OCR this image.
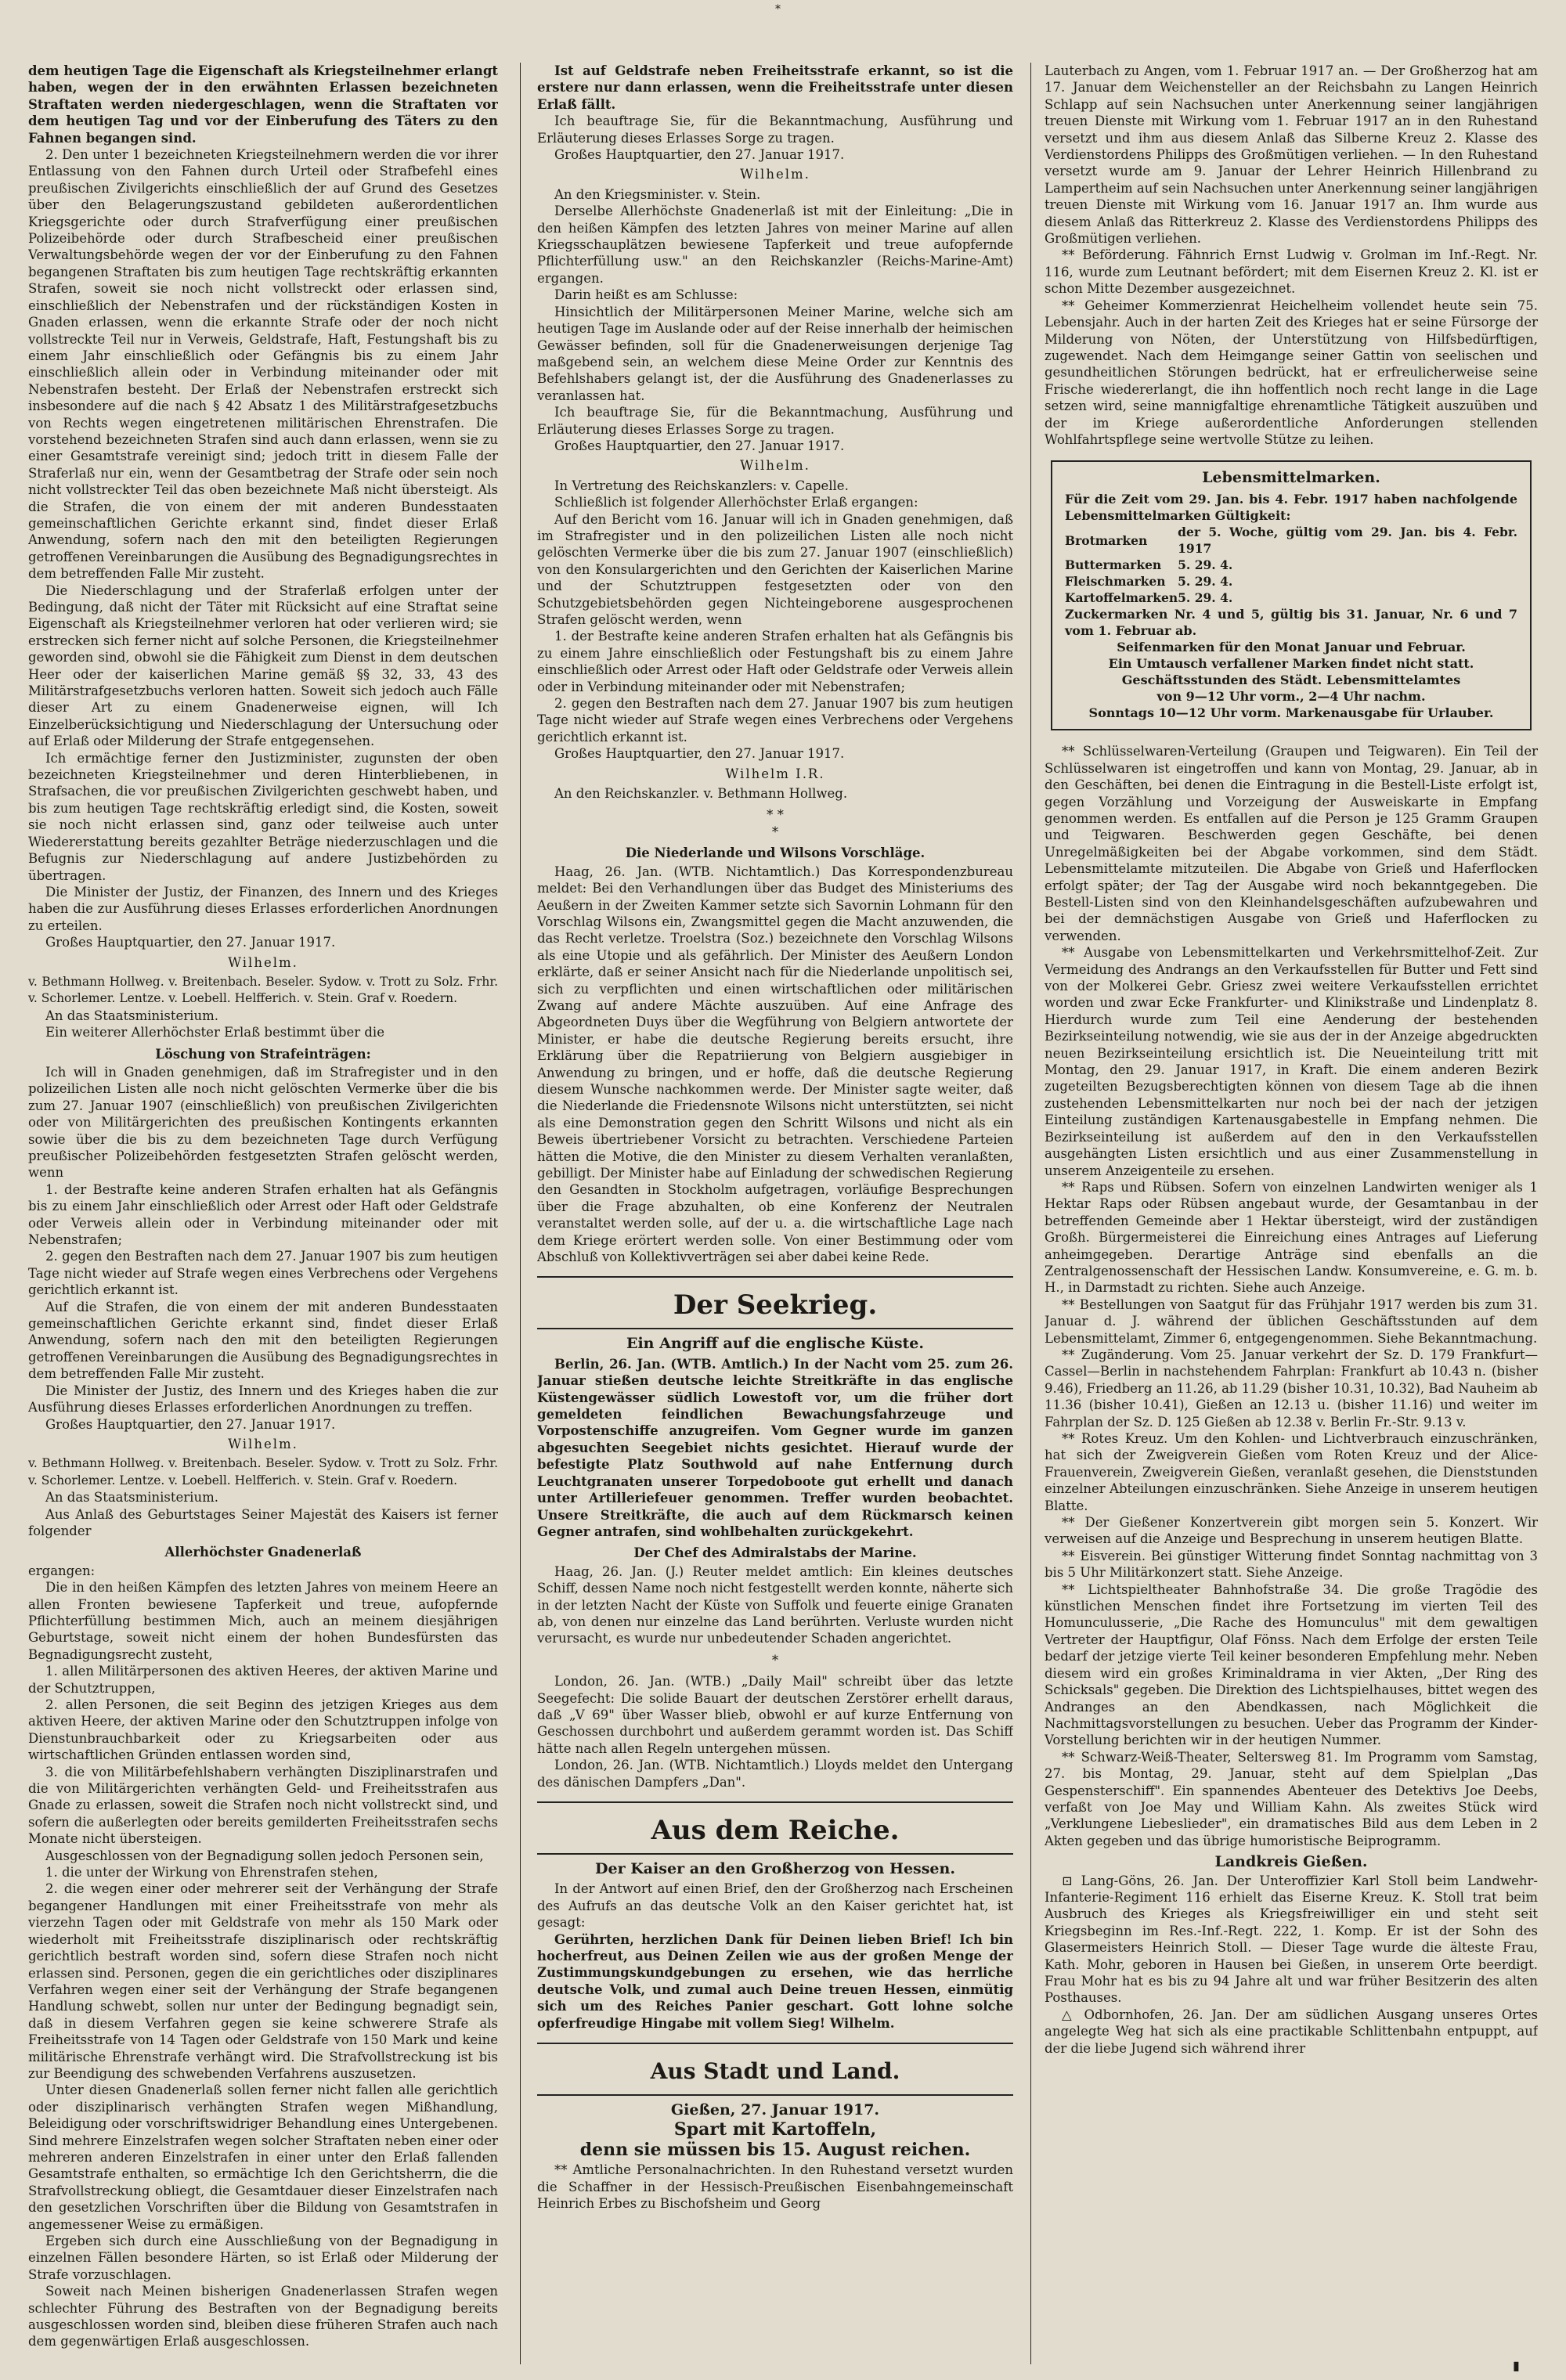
*

dem heutigen Tage die Eigenschaft als Kriegsteilnehmer erlangt haben, wegen der in den erwähnten Erlassen bezeichneten Straftaten werden niedergeschlagen, wenn die Straftaten vor dem heutigen Tag und vor der Einberufung des Täters zu den Fahnen begangen sind.

2. Den unter 1 bezeichneten Kriegsteilnehmern werden die vor ihrer Entlassung von den Fahnen durch Urteil oder Strafbefehl eines preußischen Zivilgerichts einschließlich der auf Grund des Gesetzes über den Belagerungszustand gebildeten außerordentlichen Kriegsgerichte oder durch Strafverfügung einer preußischen Polizeibehörde oder durch Strafbescheid einer preußischen Verwaltungsbehörde wegen der vor der Einberufung zu den Fahnen begangenen Straftaten bis zum heutigen Tage rechtskräftig erkannten Strafen, soweit sie noch nicht vollstreckt oder erlassen sind, einschließlich der Nebenstrafen und der rückständigen Kosten in Gnaden erlassen, wenn die erkannte Strafe oder der noch nicht vollstreckte Teil nur in Verweis, Geldstrafe, Haft, Festungshaft bis zu einem Jahr einschließlich oder Gefängnis bis zu einem Jahr einschließlich allein oder in Verbindung miteinander oder mit Nebenstrafen besteht. Der Erlaß der Nebenstrafen erstreckt sich insbesondere auf die nach § 42 Absatz 1 des Militärstrafgesetzbuchs von Rechts wegen eingetretenen militärischen Ehrenstrafen. Die vorstehend bezeichneten Strafen sind auch dann erlassen, wenn sie zu einer Gesamtstrafe vereinigt sind; jedoch tritt in diesem Falle der Straferlaß nur ein, wenn der Gesamtbetrag der Strafe oder sein noch nicht vollstreckter Teil das oben bezeichnete Maß nicht übersteigt. Als die Strafen, die von einem der mit anderen Bundesstaaten gemeinschaftlichen Gerichte erkannt sind, findet dieser Erlaß Anwendung, sofern nach den mit den beteiligten Regierungen getroffenen Vereinbarungen die Ausübung des Begnadigungsrechtes in dem betreffenden Falle Mir zusteht.

Die Niederschlagung und der Straferlaß erfolgen unter der Bedingung, daß nicht der Täter mit Rücksicht auf eine Straftat seine Eigenschaft als Kriegsteilnehmer verloren hat oder verlieren wird; sie erstrecken sich ferner nicht auf solche Personen, die Kriegsteilnehmer geworden sind, obwohl sie die Fähigkeit zum Dienst in dem deutschen Heer oder der kaiserlichen Marine gemäß §§ 32, 33, 43 des Militärstrafgesetzbuchs verloren hatten. Soweit sich jedoch auch Fälle dieser Art zu einem Gnadenerweise eignen, will Ich Einzelberücksichtigung und Niederschlagung der Untersuchung oder auf Erlaß oder Milderung der Strafe entgegensehen.

Ich ermächtige ferner den Justizminister, zugunsten der oben bezeichneten Kriegsteilnehmer und deren Hinterbliebenen, in Strafsachen, die vor preußischen Zivilgerichten geschwebt haben, und bis zum heutigen Tage rechtskräftig erledigt sind, die Kosten, soweit sie noch nicht erlassen sind, ganz oder teilweise auch unter Wiedererstattung bereits gezahlter Beträge niederzuschlagen und die Befugnis zur Niederschlagung auf andere Justizbehörden zu übertragen.

Die Minister der Justiz, der Finanzen, des Innern und des Krieges haben die zur Ausführung dieses Erlasses erforderlichen Anordnungen zu erteilen.

Großes Hauptquartier, den 27. Januar 1917.

Wilhelm.

v. Bethmann Hollweg. v. Breitenbach. Beseler. Sydow. v. Trott zu Solz. Frhr. v. Schorlemer. Lentze. v. Loebell. Helfferich. v. Stein. Graf v. Roedern.

An das Staatsministerium.

Ein weiterer Allerhöchster Erlaß bestimmt über die

Löschung von Strafeinträgen:

Ich will in Gnaden genehmigen, daß im Strafregister und in den polizeilichen Listen alle noch nicht gelöschten Vermerke über die bis zum 27. Januar 1907 (einschließlich) von preußischen Zivilgerichten oder von Militärgerichten des preußischen Kontingents erkannten sowie über die bis zu dem bezeichneten Tage durch Verfügung preußischer Polizeibehörden festgesetzten Strafen gelöscht werden, wenn

1. der Bestrafte keine anderen Strafen erhalten hat als Gefängnis bis zu einem Jahr einschließlich oder Arrest oder Haft oder Geldstrafe oder Verweis allein oder in Verbindung miteinander oder mit Nebenstrafen;

2. gegen den Bestraften nach dem 27. Januar 1907 bis zum heutigen Tage nicht wieder auf Strafe wegen eines Verbrechens oder Vergehens gerichtlich erkannt ist.

Auf die Strafen, die von einem der mit anderen Bundesstaaten gemeinschaftlichen Gerichte erkannt sind, findet dieser Erlaß Anwendung, sofern nach den mit den beteiligten Regierungen getroffenen Vereinbarungen die Ausübung des Begnadigungsrechtes in dem betreffenden Falle Mir zusteht.

Die Minister der Justiz, des Innern und des Krieges haben die zur Ausführung dieses Erlasses erforderlichen Anordnungen zu treffen.

Großes Hauptquartier, den 27. Januar 1917.

Wilhelm.

v. Bethmann Hollweg. v. Breitenbach. Beseler. Sydow. v. Trott zu Solz. Frhr. v. Schorlemer. Lentze. v. Loebell. Helfferich. v. Stein. Graf v. Roedern.

An das Staatsministerium.

Aus Anlaß des Geburtstages Seiner Majestät des Kaisers ist ferner folgender

Allerhöchster Gnadenerlaß

ergangen:

Die in den heißen Kämpfen des letzten Jahres von meinem Heere an allen Fronten bewiesene Tapferkeit und treue, aufopfernde Pflichterfüllung bestimmen Mich, auch an meinem diesjährigen Geburtstage, soweit nicht einem der hohen Bundesfürsten das Begnadigungsrecht zusteht,

1. allen Militärpersonen des aktiven Heeres, der aktiven Marine und der Schutztruppen,

2. allen Personen, die seit Beginn des jetzigen Krieges aus dem aktiven Heere, der aktiven Marine oder den Schutztruppen infolge von Dienstunbrauchbarkeit oder zu Kriegsarbeiten oder aus wirtschaftlichen Gründen entlassen worden sind,

3. die von Militärbefehlshabern verhängten Disziplinarstrafen und die von Militärgerichten verhängten Geld- und Freiheitsstrafen aus Gnade zu erlassen, soweit die Strafen noch nicht vollstreckt sind, und sofern die außerlegten oder bereits gemilderten Freiheitsstrafen sechs Monate nicht übersteigen.

Ausgeschlossen von der Begnadigung sollen jedoch Personen sein,

1. die unter der Wirkung von Ehrenstrafen stehen,

2. die wegen einer oder mehrerer seit der Verhängung der Strafe begangener Handlungen mit einer Freiheitsstrafe von mehr als vierzehn Tagen oder mit Geldstrafe von mehr als 150 Mark oder wiederholt mit Freiheitsstrafe disziplinarisch oder rechtskräftig gerichtlich bestraft worden sind, sofern diese Strafen noch nicht erlassen sind. Personen, gegen die ein gerichtliches oder disziplinares Verfahren wegen einer seit der Verhängung der Strafe begangenen Handlung schwebt, sollen nur unter der Bedingung begnadigt sein, daß in diesem Verfahren gegen sie keine schwerere Strafe als Freiheitsstrafe von 14 Tagen oder Geldstrafe von 150 Mark und keine militärische Ehrenstrafe verhängt wird. Die Strafvollstreckung ist bis zur Beendigung des schwebenden Verfahrens auszusetzen.

Unter diesen Gnadenerlaß sollen ferner nicht fallen alle gerichtlich oder disziplinarisch verhängten Strafen wegen Mißhandlung, Beleidigung oder vorschriftswidriger Behandlung eines Untergebenen. Sind mehrere Einzelstrafen wegen solcher Straftaten neben einer oder mehreren anderen Einzelstrafen in einer unter den Erlaß fallenden Gesamtstrafe enthalten, so ermächtige Ich den Gerichtsherrn, die die Strafvollstreckung obliegt, die Gesamtdauer dieser Einzelstrafen nach den gesetzlichen Vorschriften über die Bildung von Gesamtstrafen in angemessener Weise zu ermäßigen.

Ergeben sich durch eine Ausschließung von der Begnadigung in einzelnen Fällen besondere Härten, so ist Erlaß oder Milderung der Strafe vorzuschlagen.

Soweit nach Meinen bisherigen Gnadenerlassen Strafen wegen schlechter Führung des Bestraften von der Begnadigung bereits ausgeschlossen worden sind, bleiben diese früheren Strafen auch nach dem gegenwärtigen Erlaß ausgeschlossen.

Ist auf Geldstrafe neben Freiheitsstrafe erkannt, so ist die erstere nur dann erlassen, wenn die Freiheitsstrafe unter diesen Erlaß fällt.

Ich beauftrage Sie, für die Bekanntmachung, Ausführung und Erläuterung dieses Erlasses Sorge zu tragen.

Großes Hauptquartier, den 27. Januar 1917.

Wilhelm.

An den Kriegsminister. v. Stein.

Derselbe Allerhöchste Gnadenerlaß ist mit der Einleitung: „Die in den heißen Kämpfen des letzten Jahres von meiner Marine auf allen Kriegsschauplätzen bewiesene Tapferkeit und treue aufopfernde Pflichterfüllung usw." an den Reichskanzler (Reichs-Marine-Amt) ergangen.

Darin heißt es am Schlusse:

Hinsichtlich der Militärpersonen Meiner Marine, welche sich am heutigen Tage im Auslande oder auf der Reise innerhalb der heimischen Gewässer befinden, soll für die Gnadenerweisungen derjenige Tag maßgebend sein, an welchem diese Meine Order zur Kenntnis des Befehlshabers gelangt ist, der die Ausführung des Gnadenerlasses zu veranlassen hat.

Ich beauftrage Sie, für die Bekanntmachung, Ausführung und Erläuterung dieses Erlasses Sorge zu tragen.

Großes Hauptquartier, den 27. Januar 1917.

Wilhelm.

In Vertretung des Reichskanzlers: v. Capelle.

Schließlich ist folgender Allerhöchster Erlaß ergangen:

Auf den Bericht vom 16. Januar will ich in Gnaden genehmigen, daß im Strafregister und in den polizeilichen Listen alle noch nicht gelöschten Vermerke über die bis zum 27. Januar 1907 (einschließlich) von den Konsulargerichten und den Gerichten der Kaiserlichen Marine und der Schutztruppen festgesetzten oder von den Schutzgebietsbehörden gegen Nichteingeborene ausgesprochenen Strafen gelöscht werden, wenn

1. der Bestrafte keine anderen Strafen erhalten hat als Gefängnis bis zu einem Jahre einschließlich oder Festungshaft bis zu einem Jahre einschließlich oder Arrest oder Haft oder Geldstrafe oder Verweis allein oder in Verbindung miteinander oder mit Nebenstrafen;

2. gegen den Bestraften nach dem 27. Januar 1907 bis zum heutigen Tage nicht wieder auf Strafe wegen eines Verbrechens oder Vergehens gerichtlich erkannt ist.

Großes Hauptquartier, den 27. Januar 1917.

Wilhelm I.R.

An den Reichskanzler. v. Bethmann Hollweg.

* *
*

Die Niederlande und Wilsons Vorschläge.

Haag, 26. Jan. (WTB. Nichtamtlich.) Das Korrespondenzbureau meldet: Bei den Verhandlungen über das Budget des Ministeriums des Aeußern in der Zweiten Kammer setzte sich Savornin Lohmann für den Vorschlag Wilsons ein, Zwangsmittel gegen die Macht anzuwenden, die das Recht verletze. Troelstra (Soz.) bezeichnete den Vorschlag Wilsons als eine Utopie und als gefährlich. Der Minister des Aeußern London erklärte, daß er seiner Ansicht nach für die Niederlande unpolitisch sei, sich zu verpflichten und einen wirtschaftlichen oder militärischen Zwang auf andere Mächte auszuüben. Auf eine Anfrage des Abgeordneten Duys über die Wegführung von Belgiern antwortete der Minister, er habe die deutsche Regierung bereits ersucht, ihre Erklärung über die Repatriierung von Belgiern ausgiebiger in Anwendung zu bringen, und er hoffe, daß die deutsche Regierung diesem Wunsche nachkommen werde. Der Minister sagte weiter, daß die Niederlande die Friedensnote Wilsons nicht unterstützten, sei nicht als eine Demonstration gegen den Schritt Wilsons und nicht als ein Beweis übertriebener Vorsicht zu betrachten. Verschiedene Parteien hätten die Motive, die den Minister zu diesem Verhalten veranlaßten, gebilligt. Der Minister habe auf Einladung der schwedischen Regierung den Gesandten in Stockholm aufgetragen, vorläufige Besprechungen über die Frage abzuhalten, ob eine Konferenz der Neutralen veranstaltet werden solle, auf der u. a. die wirtschaftliche Lage nach dem Kriege erörtert werden solle. Von einer Bestimmung oder vom Abschluß von Kollektivverträgen sei aber dabei keine Rede.

Der Seekrieg.

Ein Angriff auf die englische Küste.

Berlin, 26. Jan. (WTB. Amtlich.) In der Nacht vom 25. zum 26. Januar stießen deutsche leichte Streitkräfte in das englische Küstengewässer südlich Lowestoft vor, um die früher dort gemeldeten feindlichen Bewachungsfahrzeuge und Vorpostenschiffe anzugreifen. Vom Gegner wurde im ganzen abgesuchten Seegebiet nichts gesichtet. Hierauf wurde der befestigte Platz Southwold auf nahe Entfernung durch Leuchtgranaten unserer Torpedoboote gut erhellt und danach unter Artilleriefeuer genommen. Treffer wurden beobachtet. Unsere Streitkräfte, die auch auf dem Rückmarsch keinen Gegner antrafen, sind wohlbehalten zurückgekehrt.

Der Chef des Admiralstabs der Marine.

Haag, 26. Jan. (J.) Reuter meldet amtlich: Ein kleines deutsches Schiff, dessen Name noch nicht festgestellt werden konnte, näherte sich in der letzten Nacht der Küste von Suffolk und feuerte einige Granaten ab, von denen nur einzelne das Land berührten. Verluste wurden nicht verursacht, es wurde nur unbedeutender Schaden angerichtet.

*

London, 26. Jan. (WTB.) „Daily Mail" schreibt über das letzte Seegefecht: Die solide Bauart der deutschen Zerstörer erhellt daraus, daß „V 69" über Wasser blieb, obwohl er auf kurze Entfernung von Geschossen durchbohrt und außerdem gerammt worden ist. Das Schiff hätte nach allen Regeln untergehen müssen.

London, 26. Jan. (WTB. Nichtamtlich.) Lloyds meldet den Untergang des dänischen Dampfers „Dan".

Aus dem Reiche.

Der Kaiser an den Großherzog von Hessen.

In der Antwort auf einen Brief, den der Großherzog nach Erscheinen des Aufrufs an das deutsche Volk an den Kaiser gerichtet hat, ist gesagt:

Gerührten, herzlichen Dank für Deinen lieben Brief! Ich bin hocherfreut, aus Deinen Zeilen wie aus der großen Menge der Zustimmungskundgebungen zu ersehen, wie das herrliche deutsche Volk, und zumal auch Deine treuen Hessen, einmütig sich um des Reiches Panier geschart. Gott lohne solche opferfreudige Hingabe mit vollem Sieg! Wilhelm.

Aus Stadt und Land.

Gießen, 27. Januar 1917.

Spart mit Kartoffeln,

denn sie müssen bis 15. August reichen.

** Amtliche Personalnachrichten. In den Ruhestand versetzt wurden die Schaffner in der Hessisch-Preußischen Eisenbahngemeinschaft Heinrich Erbes zu Bischofsheim und Georg

Lauterbach zu Angen, vom 1. Februar 1917 an. — Der Großherzog hat am 17. Januar dem Weichensteller an der Reichsbahn zu Langen Heinrich Schlapp auf sein Nachsuchen unter Anerkennung seiner langjährigen treuen Dienste mit Wirkung vom 1. Februar 1917 an in den Ruhestand versetzt und ihm aus diesem Anlaß das Silberne Kreuz 2. Klasse des Verdienstordens Philipps des Großmütigen verliehen. — In den Ruhestand versetzt wurde am 9. Januar der Lehrer Heinrich Hillenbrand zu Lampertheim auf sein Nachsuchen unter Anerkennung seiner langjährigen treuen Dienste mit Wirkung vom 16. Januar 1917 an. Ihm wurde aus diesem Anlaß das Ritterkreuz 2. Klasse des Verdienstordens Philipps des Großmütigen verliehen.

** Beförderung. Fähnrich Ernst Ludwig v. Grolman im Inf.-Regt. Nr. 116, wurde zum Leutnant befördert; mit dem Eisernen Kreuz 2. Kl. ist er schon Mitte Dezember ausgezeichnet.

** Geheimer Kommerzienrat Heichelheim vollendet heute sein 75. Lebensjahr. Auch in der harten Zeit des Krieges hat er seine Fürsorge der Milderung von Nöten, der Unterstützung von Hilfsbedürftigen, zugewendet. Nach dem Heimgange seiner Gattin von seelischen und gesundheitlichen Störungen bedrückt, hat er erfreulicherweise seine Frische wiedererlangt, die ihn hoffentlich noch recht lange in die Lage setzen wird, seine mannigfaltige ehrenamtliche Tätigkeit auszuüben und der im Kriege außerordentliche Anforderungen stellenden Wohlfahrtspflege seine wertvolle Stütze zu leihen.

Lebensmittelmarken.

Für die Zeit vom 29. Jan. bis 4. Febr. 1917 haben nachfolgende Lebensmittelmarken Gültigkeit:

Brotmarken	der 5. Woche, gültig vom 29. Jan. bis 4. Febr. 1917
Buttermarken	5. 29. 4.
Fleischmarken	5. 29. 4.
Kartoffelmarken	5. 29. 4.

Zuckermarken Nr. 4 und 5, gültig bis 31. Januar, Nr. 6 und 7 vom 1. Februar ab.

Seifenmarken für den Monat Januar und Februar.

Ein Umtausch verfallener Marken findet nicht statt.

Geschäftsstunden des Städt. Lebensmittelamtes

von 9—12 Uhr vorm., 2—4 Uhr nachm.

Sonntags 10—12 Uhr vorm. Markenausgabe für Urlauber.

** Schlüsselwaren-Verteilung (Graupen und Teigwaren). Ein Teil der Schlüsselwaren ist eingetroffen und kann von Montag, 29. Januar, ab in den Geschäften, bei denen die Eintragung in die Bestell-Liste erfolgt ist, gegen Vorzählung und Vorzeigung der Ausweiskarte in Empfang genommen werden. Es entfallen auf die Person je 125 Gramm Graupen und Teigwaren. Beschwerden gegen Geschäfte, bei denen Unregelmäßigkeiten bei der Abgabe vorkommen, sind dem Städt. Lebensmittelamte mitzuteilen. Die Abgabe von Grieß und Haferflocken erfolgt später; der Tag der Ausgabe wird noch bekanntgegeben. Die Bestell-Listen sind von den Kleinhandelsgeschäften aufzubewahren und bei der demnächstigen Ausgabe von Grieß und Haferflocken zu verwenden.

** Ausgabe von Lebensmittelkarten und Verkehrsmittelhof-Zeit. Zur Vermeidung des Andrangs an den Verkaufsstellen für Butter und Fett sind von der Molkerei Gebr. Griesz zwei weitere Verkaufsstellen errichtet worden und zwar Ecke Frankfurter- und Klinikstraße und Lindenplatz 8. Hierdurch wurde zum Teil eine Aenderung der bestehenden Bezirkseinteilung notwendig, wie sie aus der in der Anzeige abgedruckten neuen Bezirkseinteilung ersichtlich ist. Die Neueinteilung tritt mit Montag, den 29. Januar 1917, in Kraft. Die einem anderen Bezirk zugeteilten Bezugsberechtigten können von diesem Tage ab die ihnen zustehenden Lebensmittelkarten nur noch bei der nach der jetzigen Einteilung zuständigen Kartenausgabestelle in Empfang nehmen. Die Bezirkseinteilung ist außerdem auf den in den Verkaufsstellen ausgehängten Listen ersichtlich und aus einer Zusammenstellung in unserem Anzeigenteile zu ersehen.

** Raps und Rübsen. Sofern von einzelnen Landwirten weniger als 1 Hektar Raps oder Rübsen angebaut wurde, der Gesamtanbau in der betreffenden Gemeinde aber 1 Hektar übersteigt, wird der zuständigen Großh. Bürgermeisterei die Einreichung eines Antrages auf Lieferung anheimgegeben. Derartige Anträge sind ebenfalls an die Zentralgenossenschaft der Hessischen Landw. Konsumvereine, e. G. m. b. H., in Darmstadt zu richten. Siehe auch Anzeige.

** Bestellungen von Saatgut für das Frühjahr 1917 werden bis zum 31. Januar d. J. während der üblichen Geschäftsstunden auf dem Lebensmittelamt, Zimmer 6, entgegengenommen. Siehe Bekanntmachung.

** Zugänderung. Vom 25. Januar verkehrt der Sz. D. 179 Frankfurt—Cassel—Berlin in nachstehendem Fahrplan: Frankfurt ab 10.43 n. (bisher 9.46), Friedberg an 11.26, ab 11.29 (bisher 10.31, 10.32), Bad Nauheim ab 11.36 (bisher 10.41), Gießen an 12.13 u. (bisher 11.16) und weiter im Fahrplan der Sz. D. 125 Gießen ab 12.38 v. Berlin Fr.-Str. 9.13 v.

** Rotes Kreuz. Um den Kohlen- und Lichtverbrauch einzuschränken, hat sich der Zweigverein Gießen vom Roten Kreuz und der Alice-Frauenverein, Zweigverein Gießen, veranlaßt gesehen, die Dienststunden einzelner Abteilungen einzuschränken. Siehe Anzeige in unserem heutigen Blatte.

** Der Gießener Konzertverein gibt morgen sein 5. Konzert. Wir verweisen auf die Anzeige und Besprechung in unserem heutigen Blatte.

** Eisverein. Bei günstiger Witterung findet Sonntag nachmittag von 3 bis 5 Uhr Militärkonzert statt. Siehe Anzeige.

** Lichtspieltheater Bahnhofstraße 34. Die große Tragödie des künstlichen Menschen findet ihre Fortsetzung im vierten Teil des Homunculusserie, „Die Rache des Homunculus" mit dem gewaltigen Vertreter der Hauptfigur, Olaf Fönss. Nach dem Erfolge der ersten Teile bedarf der jetzige vierte Teil keiner besonderen Empfehlung mehr. Neben diesem wird ein großes Kriminaldrama in vier Akten, „Der Ring des Schicksals" gegeben. Die Direktion des Lichtspielhauses, bittet wegen des Andranges an den Abendkassen, nach Möglichkeit die Nachmittagsvorstellungen zu besuchen. Ueber das Programm der Kinder-Vorstellung berichten wir in der heutigen Nummer.

** Schwarz-Weiß-Theater, Seltersweg 81. Im Programm vom Samstag, 27. bis Montag, 29. Januar, steht auf dem Spielplan „Das Gespensterschiff". Ein spannendes Abenteuer des Detektivs Joe Deebs, verfaßt von Joe May und William Kahn. Als zweites Stück wird „Verklungene Liebeslieder", ein dramatisches Bild aus dem Leben in 2 Akten gegeben und das übrige humoristische Beiprogramm.

Landkreis Gießen.

⊡ Lang-Göns, 26. Jan. Der Unteroffizier Karl Stoll beim Landwehr-Infanterie-Regiment 116 erhielt das Eiserne Kreuz. K. Stoll trat beim Ausbruch des Krieges als Kriegsfreiwilliger ein und steht seit Kriegsbeginn im Res.-Inf.-Regt. 222, 1. Komp. Er ist der Sohn des Glasermeisters Heinrich Stoll. — Dieser Tage wurde die älteste Frau, Kath. Mohr, geboren in Hausen bei Gießen, in unserem Orte beerdigt. Frau Mohr hat es bis zu 94 Jahre alt und war früher Besitzerin des alten Posthauses.

△ Odbornhofen, 26. Jan. Der am südlichen Ausgang unseres Ortes angelegte Weg hat sich als eine practikable Schlittenbahn entpuppt, auf der die liebe Jugend sich während ihrer

▮
